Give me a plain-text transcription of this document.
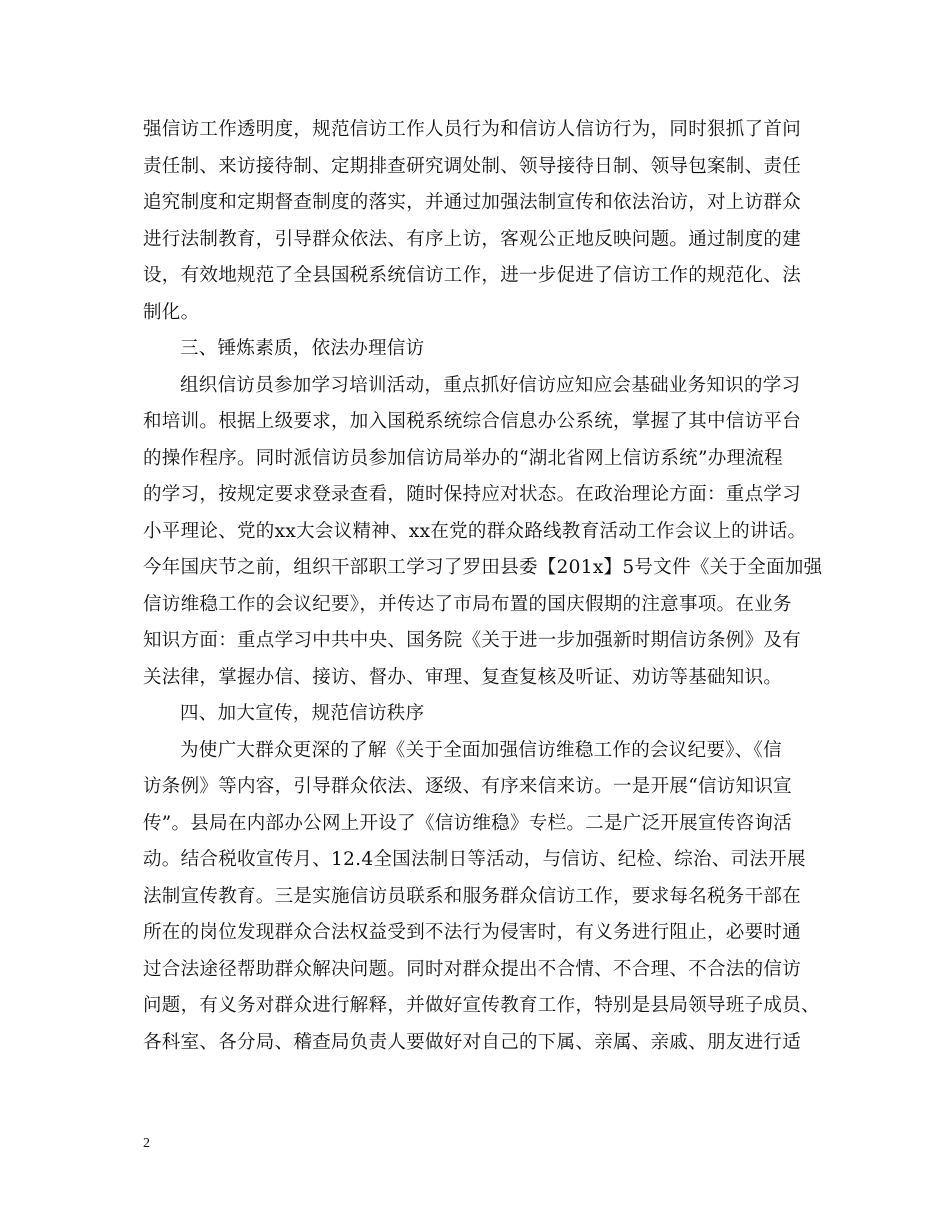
强信访工作透明度，规范信访工作人员行为和信访人信访行为，同时狠抓了首问
责任制、来访接待制、定期排查研究调处制、领导接待日制、领导包案制、责任
追究制度和定期督查制度的落实，并通过加强法制宣传和依法治访，对上访群众
进行法制教育，引导群众依法、有序上访，客观公正地反映问题。通过制度的建
设，有效地规范了全县国税系统信访工作，进一步促进了信访工作的规范化、法
制化。
三、锤炼素质，依法办理信访
组织信访员参加学习培训活动，重点抓好信访应知应会基础业务知识的学习
和培训。根据上级要求，加入国税系统综合信息办公系统，掌握了其中信访平台
的操作程序。同时派信访员参加信访局举办的“湖北省网上信访系统”办理流程
的学习，按规定要求登录查看，随时保持应对状态。在政治理论方面：重点学习
小平理论、党的xx大会议精神、xx在党的群众路线教育活动工作会议上的讲话。
今年国庆节之前，组织干部职工学习了罗田县委【201x】5号文件《关于全面加强
信访维稳工作的会议纪要》，并传达了市局布置的国庆假期的注意事项。在业务
知识方面：重点学习中共中央、国务院《关于进一步加强新时期信访条例》及有
关法律，掌握办信、接访、督办、审理、复查复核及听证、劝访等基础知识。
四、加大宣传，规范信访秩序
为使广大群众更深的了解《关于全面加强信访维稳工作的会议纪要》、《信
访条例》等内容，引导群众依法、逐级、有序来信来访。一是开展“信访知识宣
传”。县局在内部办公网上开设了《信访维稳》专栏。二是广泛开展宣传咨询活
动。结合税收宣传月、12.4全国法制日等活动，与信访、纪检、综治、司法开展
法制宣传教育。三是实施信访员联系和服务群众信访工作，要求每名税务干部在
所在的岗位发现群众合法权益受到不法行为侵害时，有义务进行阻止，必要时通
过合法途径帮助群众解决问题。同时对群众提出不合情、不合理、不合法的信访
问题，有义务对群众进行解释，并做好宣传教育工作，特别是县局领导班子成员、
各科室、各分局、稽查局负责人要做好对自己的下属、亲属、亲戚、朋友进行适
2
